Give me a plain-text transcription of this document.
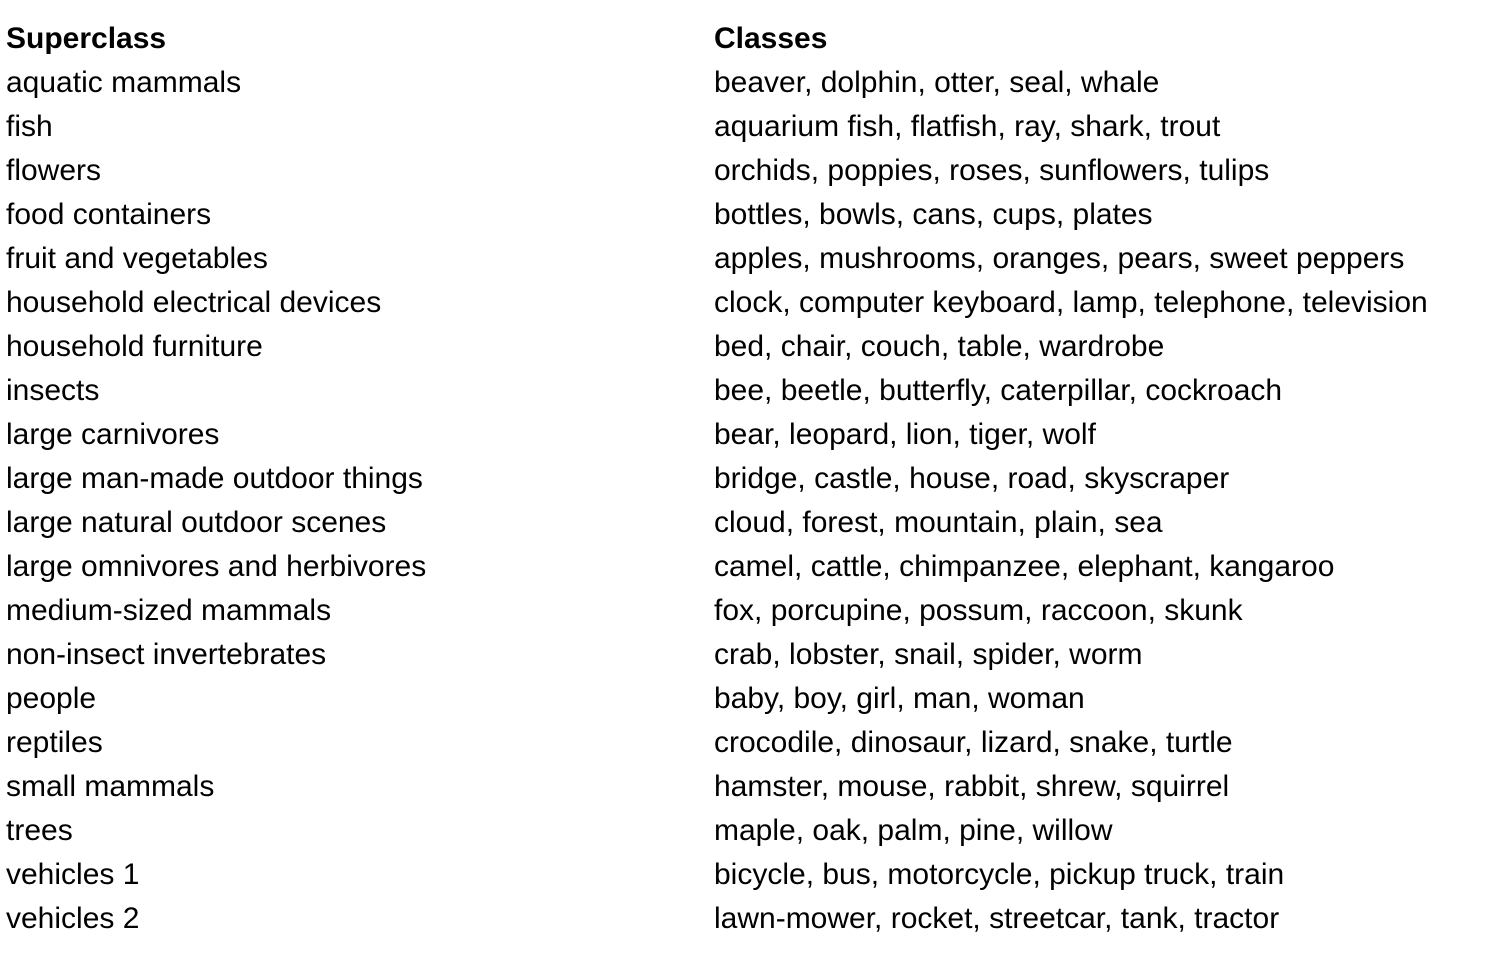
Superclass	Classes
aquatic mammals	beaver, dolphin, otter, seal, whale
fish	aquarium fish, flatfish, ray, shark, trout
flowers	orchids, poppies, roses, sunflowers, tulips
food containers	bottles, bowls, cans, cups, plates
fruit and vegetables	apples, mushrooms, oranges, pears, sweet peppers
household electrical devices	clock, computer keyboard, lamp, telephone, television
household furniture	bed, chair, couch, table, wardrobe
insects	bee, beetle, butterfly, caterpillar, cockroach
large carnivores	bear, leopard, lion, tiger, wolf
large man-made outdoor things	bridge, castle, house, road, skyscraper
large natural outdoor scenes	cloud, forest, mountain, plain, sea
large omnivores and herbivores	camel, cattle, chimpanzee, elephant, kangaroo
medium-sized mammals	fox, porcupine, possum, raccoon, skunk
non-insect invertebrates	crab, lobster, snail, spider, worm
people	baby, boy, girl, man, woman
reptiles	crocodile, dinosaur, lizard, snake, turtle
small mammals	hamster, mouse, rabbit, shrew, squirrel
trees	maple, oak, palm, pine, willow
vehicles 1	bicycle, bus, motorcycle, pickup truck, train
vehicles 2	lawn-mower, rocket, streetcar, tank, tractor
